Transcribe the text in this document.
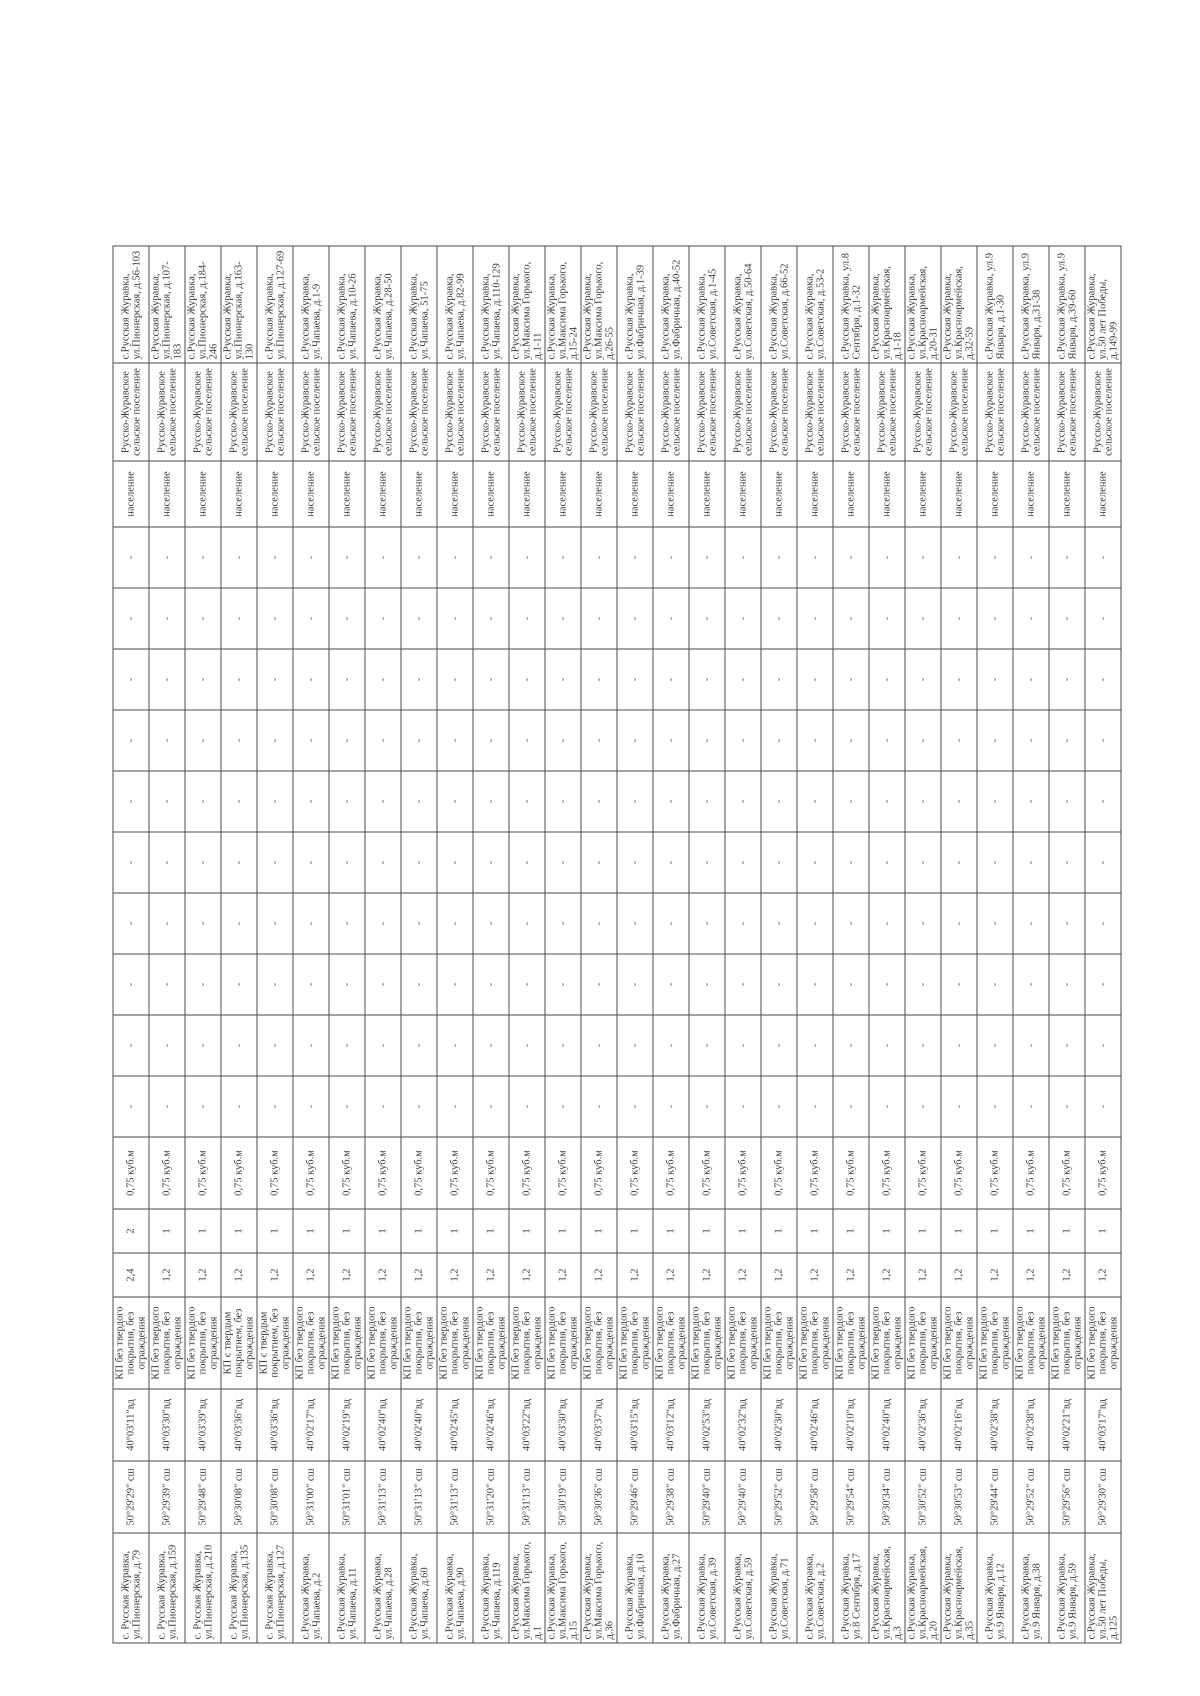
с. Русская Журавка, ул.Пионерская, д.79	50°29'29" сш	40°03'11"вд	КП без твердого покрытия, без ограждения	2,4	2	0,75 куб.м	-	-	-	-	-	-	-	-	-	-	население	Русско-Журавское сельское поселение	с.Русская Журавка, ул.Пионерская, д.56-103
с. Русская Журавка, ул.Пионерская, д.159	50°29'39" сш	40°03'30"вд	КП без твердого покрытия, без ограждения	1,2	1	0,75 куб.м	-	-	-	-	-	-	-	-	-	-	население	Русско-Журавское сельское поселение	с.Русская Журавка, ул.Пионерская, д.107-183
с. Русская Журавка, ул.Пионерская, д.210	50°29'48" сш	40°03'39"вд	КП без твердого покрытия, без ограждения	1,2	1	0,75 куб.м	-	-	-	-	-	-	-	-	-	-	население	Русско-Журавское сельское поселение	с.Русская Журавка, ул.Пионерская, д.184-246
с. Русская Журавка, ул.Пионерская, д.135	50°30'08" сш	40°03'36"вд	КП с твердым покрытием, без ограждения	1,2	1	0,75 куб.м	-	-	-	-	-	-	-	-	-	-	население	Русско-Журавское сельское поселение	с.Русская Журавка, ул.Пионерская, д.163-130
с. Русская Журавка, ул.Пионерская, д.127	50°30'08" сш	40°03'36"вд	КП с твердым покрытием, без ограждения	1,2	1	0,75 куб.м	-	-	-	-	-	-	-	-	-	-	население	Русско-Журавское сельское поселение	с.Русская Журавка, ул.Пионерская, д.127-69
с.Русская Журавка, ул.Чапаева, д.2	50°31'00" сш	40°02'17"вд	КП без твердого покрытия, без ограждения	1,2	1	0,75 куб.м	-	-	-	-	-	-	-	-	-	-	население	Русско-Журавское сельское поселение	с.Русская Журавка, ул.Чапаева, д.1-9
с.Русская Журавка, ул.Чапаева, д.11	50°31'01" сш	40°02'19"вд	КП без твердого покрытия, без ограждения	1,2	1	0,75 куб.м	-	-	-	-	-	-	-	-	-	-	население	Русско-Журавское сельское поселение	с.Русская Журавка, ул.Чапаева, д.10-26
с.Русская Журавка, ул.Чапаева, д.28	50°31'13" сш	40°02'40"вд	КП без твердого покрытия, без ограждения	1,2	1	0,75 куб.м	-	-	-	-	-	-	-	-	-	-	население	Русско-Журавское сельское поселение	с.Русская Журавка, ул.Чапаева, д.28-50
с.Русская Журавка, ул.Чапаева, д.60	50°31'13" сш	40°02'40"вд	КП без твердого покрытия, без ограждения	1,2	1	0,75 куб.м	-	-	-	-	-	-	-	-	-	-	население	Русско-Журавское сельское поселение	с.Русская Журавка, ул.Чапаева, 51-75
с.Русская Журавка, ул.Чапаева, д.90	50°31'13" сш	40°02'45"вд	КП без твердого покрытия, без ограждения	1,2	1	0,75 куб.м	-	-	-	-	-	-	-	-	-	-	население	Русско-Журавское сельское поселение	с.Русская Журавка, ул.Чапаева, д.82-99
с.Русская Журавка, ул.Чапаева, д.119	50°31'20" сш	40°02'46"вд	КП без твердого покрытия, без ограждения	1,2	1	0,75 куб.м	-	-	-	-	-	-	-	-	-	-	население	Русско-Журавское сельское поселение	с.Русская Журавка, ул.Чапаева, д.110-129
с.Русская Журавка, ул.Максима Горького, д.1	50°31'13" сш	40°03'22"вд	КП без твердого покрытия, без ограждения	1,2	1	0,75 куб.м	-	-	-	-	-	-	-	-	-	-	население	Русско-Журавское сельское поселение	с.Русская Журавка, ул.Максима Горького, д.1-11
с.Русская Журавка, ул.Максима Горького, д.15	50°30'19" сш	40°03'30"вд	КП без твердого покрытия, без ограждения	1,2	1	0,75 куб.м	-	-	-	-	-	-	-	-	-	-	население	Русско-Журавское сельское поселение	с.Русская Журавка, ул.Максима Горького, д.15-24
с.Русская Журавка, ул.Максима Горького, д.36	50°30'36" сш	40°03'37"вд	КП без твердого покрытия, без ограждения	1,2	1	0,75 куб.м	-	-	-	-	-	-	-	-	-	-	население	Русско-Журавское сельское поселение	с.Русская Журавка, ул.Максима Горького, д.26-55
с.Русская Журавка, ул.Фабричная, д.10	50°29'46" сш	40°03'15"вд	КП без твердого покрытия, без ограждения	1,2	1	0,75 куб.м	-	-	-	-	-	-	-	-	-	-	население	Русско-Журавское сельское поселение	с.Русская Журавка, ул.Фабричная, д.1-39
с.Русская Журавка, ул.Фабричная, д.27	50°29'38" сш	40°03'12"вд	КП без твердого покрытия, без ограждения	1,2	1	0,75 куб.м	-	-	-	-	-	-	-	-	-	-	население	Русско-Журавское сельское поселение	с.Русская Журавка, ул.Фабричная, д.40-52
с.Русская Журавка, ул.Советская, д.39	50°29'40" сш	40°02'53"вд	КП без твердого покрытия, без ограждения	1,2	1	0,75 куб.м	-	-	-	-	-	-	-	-	-	-	население	Русско-Журавское сельское поселение	с.Русская Журавка, ул.Советская, д.1-45
с.Русская Журавка, ул.Советская, д.59	50°29'40" сш	40°02'32"вд	КП без твердого покрытия, без ограждения	1,2	1	0,75 куб.м	-	-	-	-	-	-	-	-	-	-	население	Русско-Журавское сельское поселение	с.Русская Журавка, ул.Советская, д.50-64
с.Русская Журавка, ул.Советская, д.71	50°29'52" сш	40°02'30"вд	КП без твердого покрытия, без ограждения	1,2	1	0,75 куб.м	-	-	-	-	-	-	-	-	-	-	население	Русско-Журавское сельское поселение	с.Русская Журавка, ул.Советская, д.66-52
с.Русская Журавка, ул.Советская, д.2	50°29'58" сш	40°02'46"вд	КП без твердого покрытия, без ограждения	1,2	1	0,75 куб.м	-	-	-	-	-	-	-	-	-	-	население	Русско-Журавское сельское поселение	с.Русская Журавка, ул.Советская, д.53-2
с.Русская Журавка, ул.8 Сентября, д.17	50°29'54" сш	40°02'10"вд	КП без твердого покрытия, без ограждения	1,2	1	0,75 куб.м	-	-	-	-	-	-	-	-	-	-	население	Русско-Журавское сельское поселение	с.Русская Журавка, ул.8 Сентября, д.1-32
с.Русская Журавка, ул.Красноармейская, д.3	50°30'34" сш	40°02'40"вд	КП без твердого покрытия, без ограждения	1,2	1	0,75 куб.м	-	-	-	-	-	-	-	-	-	-	население	Русско-Журавское сельское поселение	с.Русская Журавка, ул.Красноармейская, д.1-18
с.Русская Журавка, ул.Красноармейская, д.20	50°30'52" сш	40°02'36"вд	КП без твердого покрытия, без ограждения	1,2	1	0,75 куб.м	-	-	-	-	-	-	-	-	-	-	население	Русско-Журавское сельское поселение	с.Русская Журавка, ул.Красноармейская, д.20-31
с.Русская Журавка, ул.Красноармейская, д.35	50°30'53" сш	40°02'16"вд	КП без твердого покрытия, без ограждения	1,2	1	0,75 куб.м	-	-	-	-	-	-	-	-	-	-	население	Русско-Журавское сельское поселение	с.Русская Журавка, ул.Красноармейская, д.32-59
с.Русская Журавка, ул.9 Января, д.12	50°29'44" сш	40°02'38"вд	КП без твердого покрытия, без ограждения	1,2	1	0,75 куб.м	-	-	-	-	-	-	-	-	-	-	население	Русско-Журавское сельское поселение	с.Русская Журавка, ул.9 Января, д.1-30
с.Русская Журавка, ул.9 Января, д.38	50°29'52" сш	40°02'38"вд	КП без твердого покрытия, без ограждения	1,2	1	0,75 куб.м	-	-	-	-	-	-	-	-	-	-	население	Русско-Журавское сельское поселение	с.Русская Журавка, ул.9 Января, д.31-38
с.Русская Журавка, ул.9 Января, д.59	50°29'56" сш	40°02'21"вд	КП без твердого покрытия, без ограждения	1,2	1	0,75 куб.м	-	-	-	-	-	-	-	-	-	-	население	Русско-Журавское сельское поселение	с.Русская Журавка, ул.9 Января, д.39-60
с.Русская Журавка, ул.50 лет Победы, д.125	50°29'30" сш	40°03'17"вд	КП без твердого покрытия, без ограждения	1,2	1	0,75 куб.м	-	-	-	-	-	-	-	-	-	-	население	Русско-Журавское сельское поселение	с.Русская Журавка, ул.50 лет Победы, д.149-99
